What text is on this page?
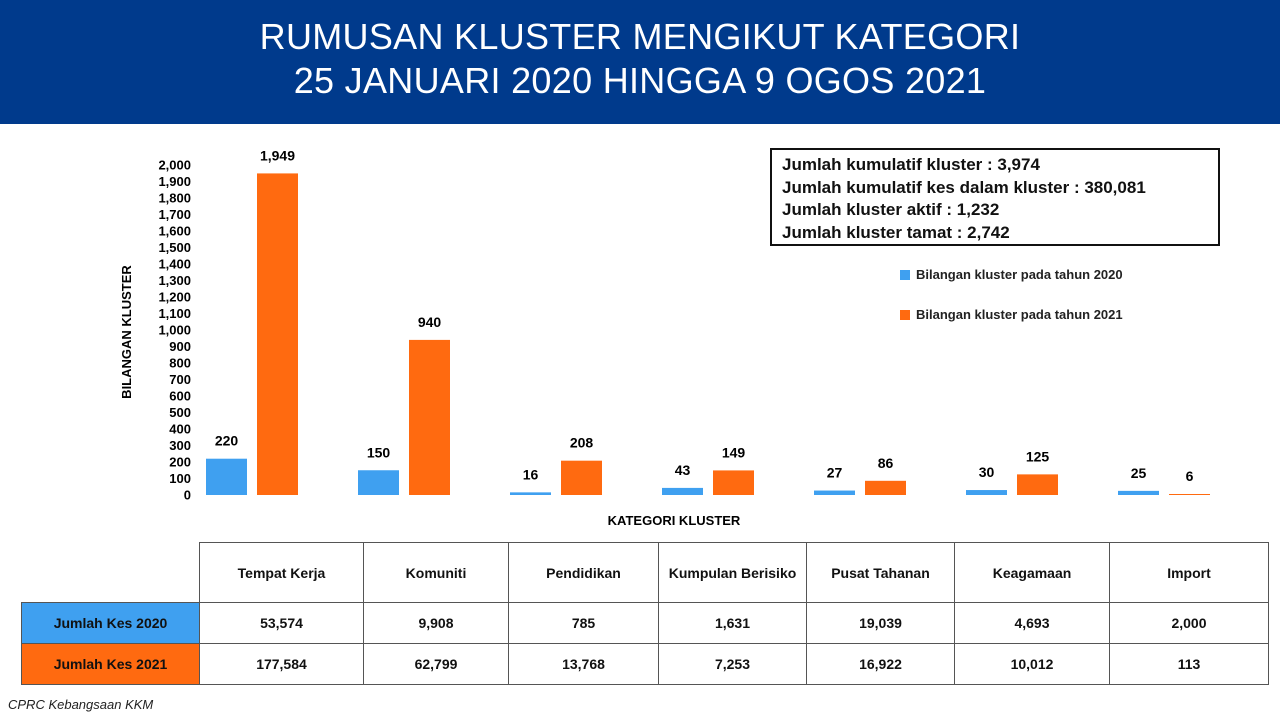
RUMUSAN KLUSTER MENGIKUT KATEGORI
25 JANUARI 2020 HINGGA 9 OGOS 2021
0
100
200
300
400
500
600
700
800
900
1,000
1,100
1,200
1,300
1,400
1,500
1,600
1,700
1,800
1,900
2,000
220
1,949
150
940
16
208
43
149
27
86
30
125
25	6
BILANGAN KLUSTER
KATEGORI KLUSTER
Jumlah kumulatif kluster : 3,974
Jumlah kumulatif kes dalam kluster : 380,081
Jumlah kluster aktif : 1,232
Jumlah kluster tamat : 2,742
Bilangan kluster pada tahun 2020
Bilangan kluster pada tahun 2021
	Tempat Kerja	Komuniti	Pendidikan	Kumpulan Berisiko	Pusat Tahanan	Keagamaan	Import
Jumlah Kes 2020	53,574	9,908	785	1,631	19,039	4,693	2,000
Jumlah Kes 2021	177,584	62,799	13,768	7,253	16,922	10,012	113
CPRC Kebangsaan KKM
